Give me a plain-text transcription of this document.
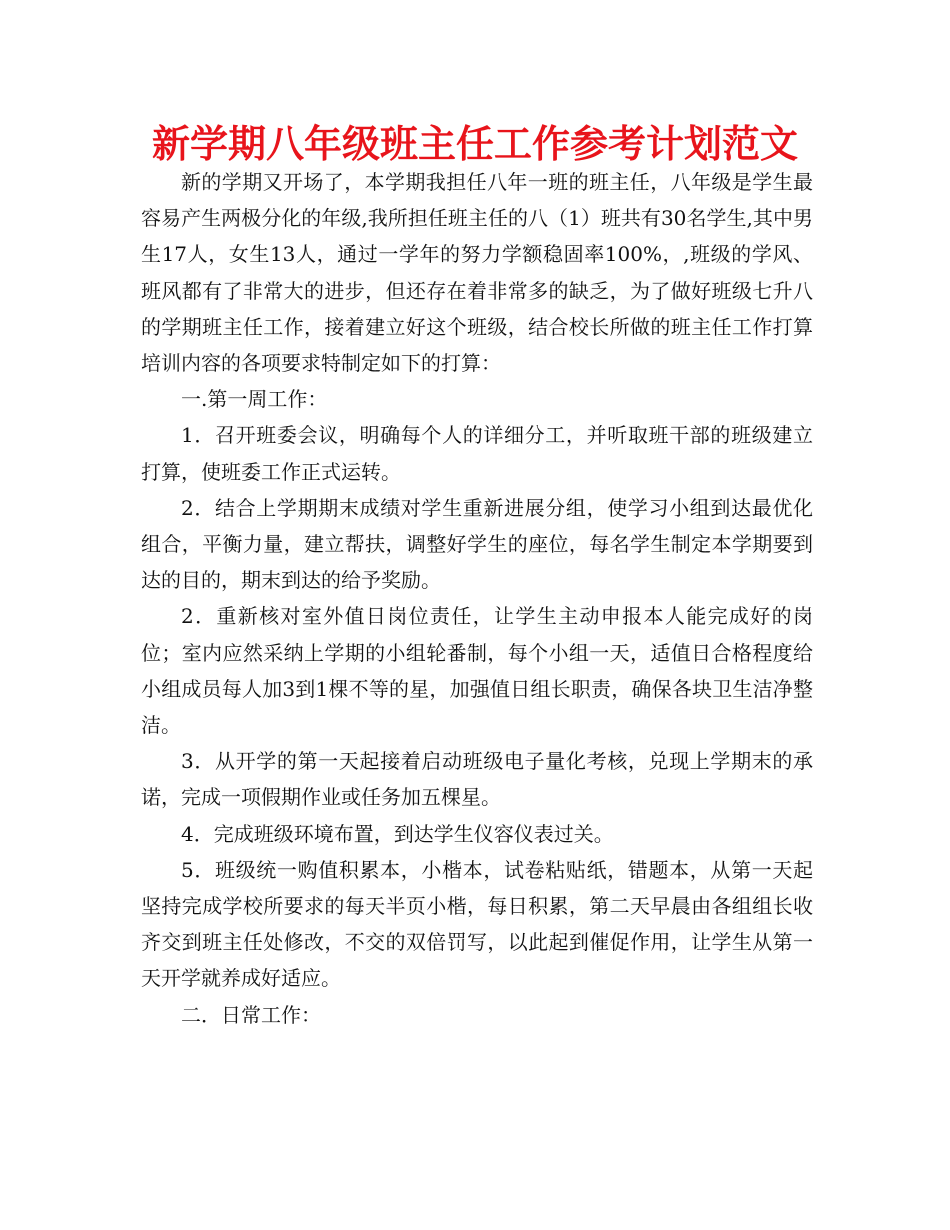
新学期八年级班主任工作参考计划范文

新的学期又开场了，本学期我担任八年一班的班主任，八年级是学生最容易产生两极分化的年级,我所担任班主任的八（1）班共有30名学生,其中男生17人，女生13人，通过一学年的努力学额稳固率100%，,班级的学风、班风都有了非常大的进步，但还存在着非常多的缺乏，为了做好班级七升八的学期班主任工作，接着建立好这个班级，结合校长所做的班主任工作打算培训内容的各项要求特制定如下的打算：

一.第一周工作：

1．召开班委会议，明确每个人的详细分工，并听取班干部的班级建立打算，使班委工作正式运转。

2．结合上学期期末成绩对学生重新进展分组，使学习小组到达最优化组合，平衡力量，建立帮扶，调整好学生的座位，每名学生制定本学期要到达的目的，期末到达的给予奖励。

2．重新核对室外值日岗位责任，让学生主动申报本人能完成好的岗位；室内应然采纳上学期的小组轮番制，每个小组一天，适值日合格程度给小组成员每人加3到1棵不等的星，加强值日组长职责，确保各块卫生洁净整洁。

3．从开学的第一天起接着启动班级电子量化考核，兑现上学期末的承诺，完成一项假期作业或任务加五棵星。

4．完成班级环境布置，到达学生仪容仪表过关。

5．班级统一购值积累本，小楷本，试卷粘贴纸，错题本，从第一天起坚持完成学校所要求的每天半页小楷，每日积累，第二天早晨由各组组长收齐交到班主任处修改，不交的双倍罚写，以此起到催促作用，让学生从第一天开学就养成好适应。

二．日常工作：
